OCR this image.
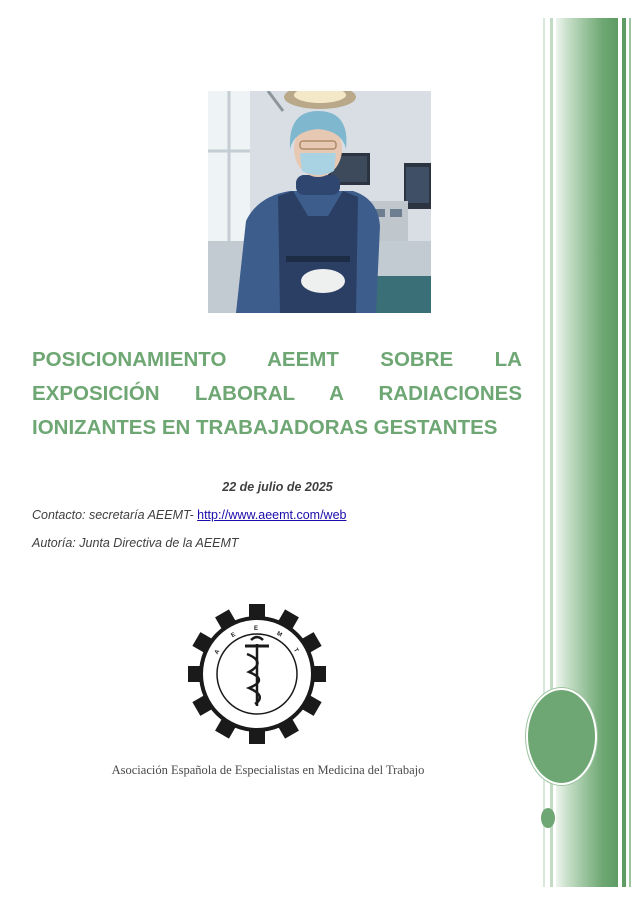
POSICIONAMIENTO AEEMT SOBRE LA EXPOSICIÓN LABORAL A RADIACIONES IONIZANTES EN TRABAJADORAS GESTANTES
22 de julio de 2025
Contacto: secretaría AEEMT- http://www.aeemt.com/web
Autoría: Junta Directiva de la AEEMT
A
E
E
M
T
Asociación Española de Especialistas en Medicina del Trabajo
